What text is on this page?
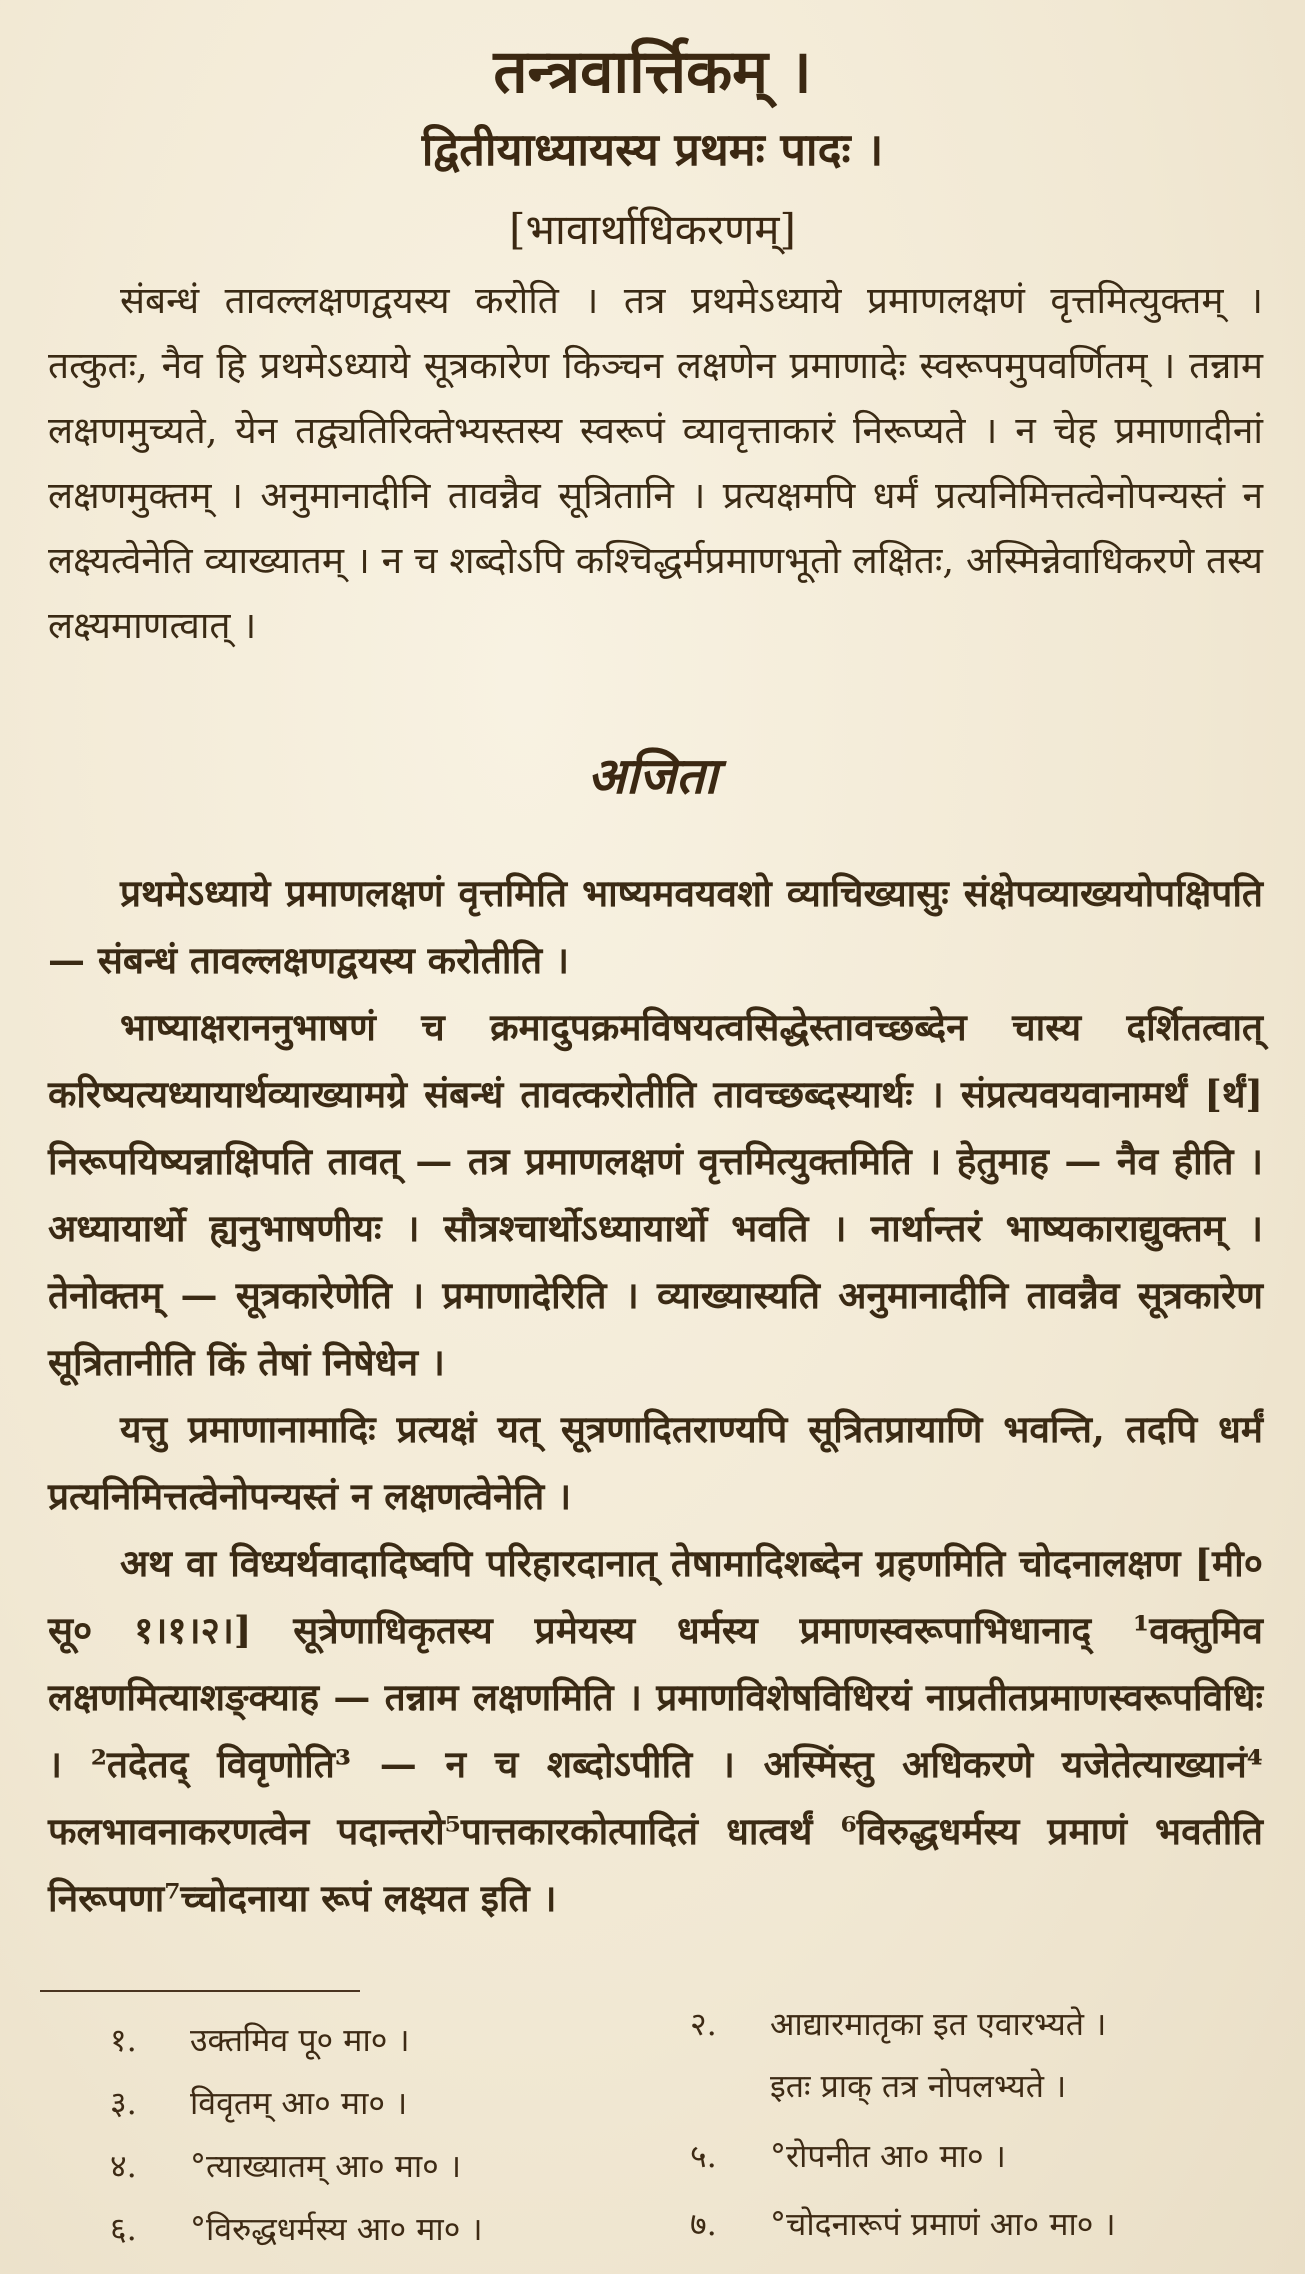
तन्त्रवार्त्तिकम् ।
द्वितीयाध्यायस्य प्रथमः पादः ।
[भावार्थाधिकरणम्]

संबन्धं तावल्लक्षणद्वयस्य करोति । तत्र प्रथमेऽध्याये प्रमाणलक्षणं वृत्तमित्युक्तम् । तत्कुतः, नैव हि प्रथमेऽध्याये सूत्रकारेण किञ्चन लक्षणेन प्रमाणादेः स्वरूपमुपवर्णितम् । तन्नाम लक्षणमुच्यते, येन तद्व्यतिरिक्तेभ्यस्तस्य स्वरूपं व्यावृत्ताकारं निरूप्यते । न चेह प्रमाणादीनां लक्षणमुक्तम् । अनुमानादीनि तावन्नैव सूत्रितानि । प्रत्यक्षमपि धर्मं प्रत्यनिमित्तत्वेनोपन्यस्तं न लक्ष्यत्वेनेति व्याख्यातम् । न च शब्दोऽपि कश्चिद्धर्मप्रमाणभूतो लक्षितः, अस्मिन्नेवाधिकरणे तस्य लक्ष्यमाणत्वात् ।

अजिता

प्रथमेऽध्याये प्रमाणलक्षणं वृत्तमिति भाष्यमवयवशो व्याचिख्यासुः संक्षेपव्याख्ययोपक्षिपति — संबन्धं तावल्लक्षणद्वयस्य करोतीति ।

भाष्याक्षराननुभाषणं च क्रमादुपक्रमविषयत्वसिद्धेस्तावच्छब्देन चास्य दर्शितत्वात् करिष्यत्यध्यायार्थव्याख्यामग्रे संबन्धं तावत्करोतीति तावच्छब्दस्यार्थः । संप्रत्यवयवानामर्थं [र्थं] निरूपयिष्यन्नाक्षिपति तावत् — तत्र प्रमाणलक्षणं वृत्तमित्युक्तमिति । हेतुमाह — नैव हीति । अध्यायार्थो ह्यनुभाषणीयः । सौत्रश्चार्थोऽध्यायार्थो भवति । नार्थान्तरं भाष्यकाराद्युक्तम् । तेनोक्तम् — सूत्रकारेणेति । प्रमाणादेरिति । व्याख्यास्यति अनुमानादीनि तावन्नैव सूत्रकारेण सूत्रितानीति किं तेषां निषेधेन ।

यत्तु प्रमाणानामादिः प्रत्यक्षं यत् सूत्रणादितराण्यपि सूत्रितप्रायाणि भवन्ति, तदपि धर्मं प्रत्यनिमित्तत्वेनोपन्यस्तं न लक्षणत्वेनेति ।

अथ वा विध्यर्थवादादिष्वपि परिहारदानात् तेषामादिशब्देन ग्रहणमिति चोदनालक्षण [मी० सू० १।१।२।] सूत्रेणाधिकृतस्य प्रमेयस्य धर्मस्य प्रमाणस्वरूपाभिधानाद् ¹वक्तुमिव लक्षणमित्याशङ्क्याह — तन्नाम लक्षणमिति । प्रमाणविशेषविधिरयं नाप्रतीतप्रमाणस्वरूपविधिः । ²तदेतद् विवृणोति³ — न च शब्दोऽपीति । अस्मिंस्तु अधिकरणे यजेतेत्याख्यानं⁴ फलभावनाकरणत्वेन पदान्तरो⁵पात्तकारकोत्पादितं धात्वर्थं ⁶विरुद्धधर्मस्य प्रमाणं भवतीति निरूपणा⁷च्चोदनाया रूपं लक्ष्यत इति ।

१. उक्तमिव पू० मा० ।
३. विवृतम् आ० मा० ।
४. °त्याख्यातम् आ० मा० ।
६. °विरुद्धधर्मस्य आ० मा० ।
२. आद्यारमातृका इत एवारभ्यते ।
इतः प्राक् तत्र नोपलभ्यते ।
५. °रोपनीत आ० मा० ।
७. °चोदनारूपं प्रमाणं आ० मा० ।
